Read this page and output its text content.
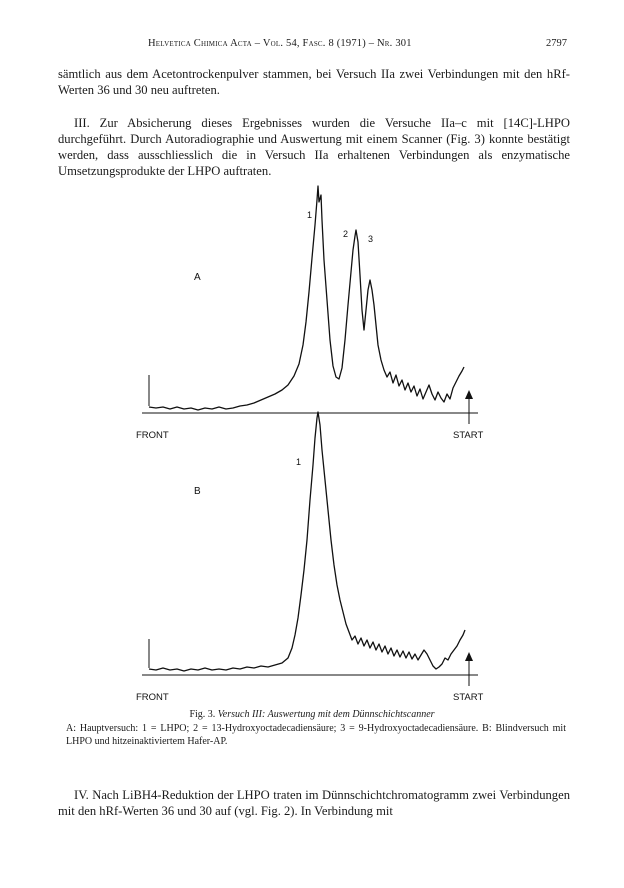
Helvetica Chimica Acta – Vol. 54, Fasc. 8 (1971) – Nr. 301	2797

sämtlich aus dem Acetontrockenpulver stammen, bei Versuch IIa zwei Verbindungen mit den hRf-Werten 36 und 30 neu auftreten.

III. Zur Absicherung dieses Ergebnisses wurden die Versuche IIa–c mit [14C]-LHPO durchgeführt. Durch Autoradiographie und Auswertung mit einem Scanner (Fig. 3) konnte bestätigt werden, dass ausschliesslich die in Versuch IIa erhaltenen Verbindungen als enzymatische Umsetzungsprodukte der LHPO auftraten.

A
FRONT	START
1
2 3
B
FRONT	START
1
Fig. 3. Versuch III: Auswertung mit dem Dünnschichtscanner

A: Hauptversuch: 1 = LHPO; 2 = 13-Hydroxyoctadecadiensäure; 3 = 9-Hydroxyoctadecadiensäure. B: Blindversuch mit LHPO und hitzeinaktiviertem Hafer-AP.

IV. Nach LiBH4-Reduktion der LHPO traten im Dünnschichtchromatogramm zwei Verbindungen mit den hRf-Werten 36 und 30 auf (vgl. Fig. 2). In Verbindung mit
